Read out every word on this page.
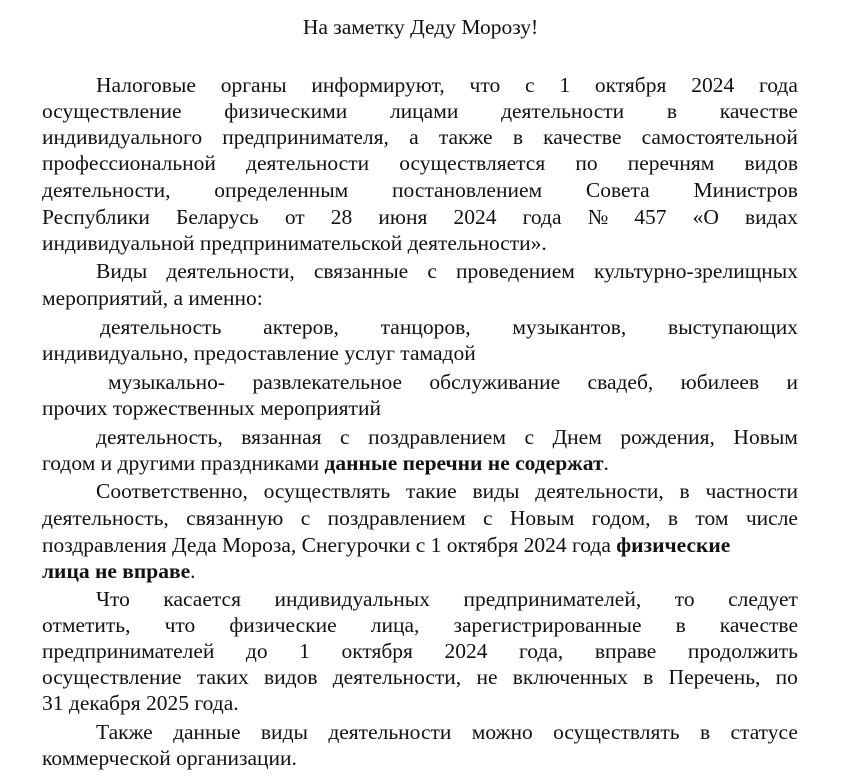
На заметку Деду Морозу!
Налоговые органы информируют, что с 1 октября 2024 года
осуществление физическими лицами деятельности в качестве
индивидуального предпринимателя, а также в качестве самостоятельной
профессиональной деятельности осуществляется по перечням видов
деятельности, определенным постановлением Совета Министров
Республики Беларусь от 28 июня 2024 года № 457 «О видах
индивидуальной предпринимательской деятельности».
Виды деятельности, связанные с проведением культурно-зрелищных
мероприятий, а именно:
деятельность актеров, танцоров, музыкантов, выступающих
индивидуально, предоставление услуг тамадой
музыкально- развлекательное обслуживание свадеб, юбилеев и
прочих торжественных мероприятий
деятельность, вязанная с поздравлением с Днем рождения, Новым
годом и другими праздниками данные перечни не содержат.
Соответственно, осуществлять такие виды деятельности, в частности
деятельность, связанную с поздравлением с Новым годом, в том числе
поздравления Деда Мороза, Снегурочки с 1 октября 2024 года физические
лица не вправе.
Что касается индивидуальных предпринимателей, то следует
отметить, что физические лица, зарегистрированные в качестве
предпринимателей до 1 октября 2024 года, вправе продолжить
осуществление таких видов деятельности, не включенных в Перечень, по
31 декабря 2025 года.
Также данные виды деятельности можно осуществлять в статусе
коммерческой организации.
